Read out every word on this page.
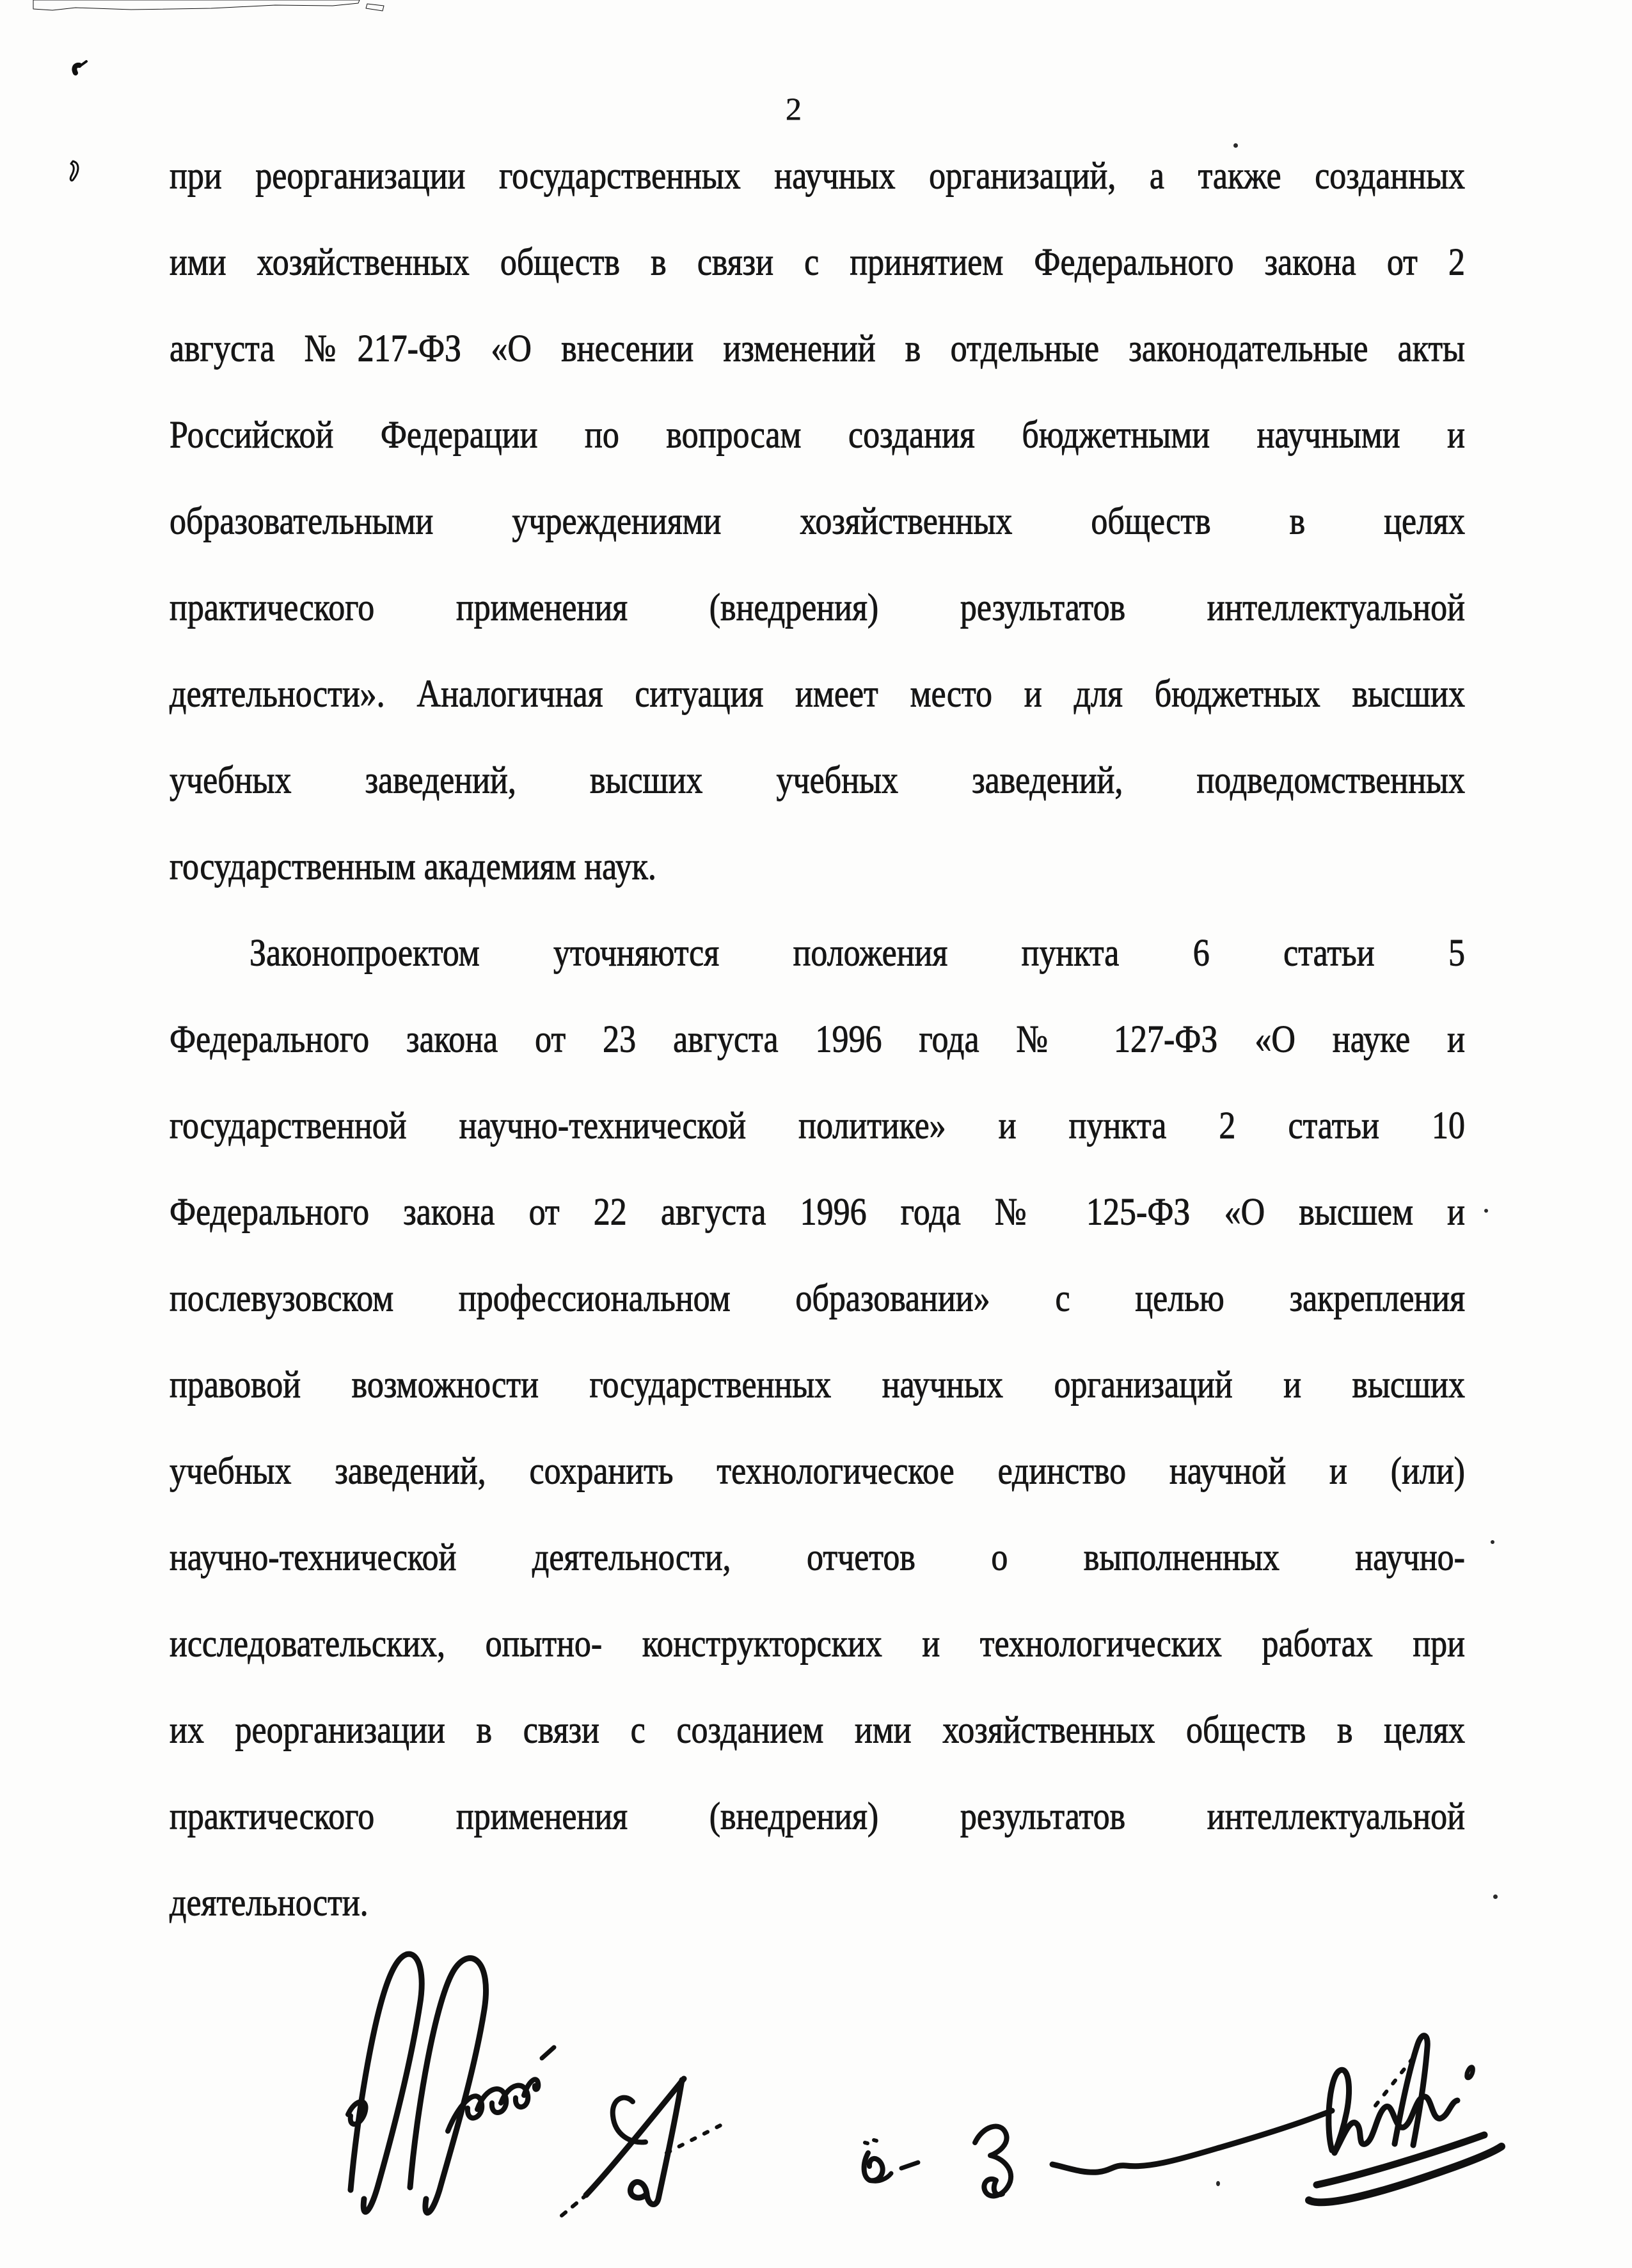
2
при реорганизации государственных научных организаций, а также созданных
ими хозяйственных обществ в связи с принятием Федерального закона от 2
августа №217-ФЗ «О внесении изменений в отдельные законодательные акты
Российской Федерации по вопросам создания бюджетными научными и
образовательными учреждениями хозяйственных обществ в целях
практического применения (внедрения) результатов интеллектуальной
деятельности». Аналогичная ситуация имеет место и для бюджетных высших
учебных заведений, высших учебных заведений, подведомственных
государственным академиям наук.
Законопроектом уточняются положения пункта 6 статьи 5
Федерального закона от 23 августа 1996 года № 127-ФЗ «О науке и
государственной научно-технической политике» и пункта 2 статьи 10
Федерального закона от 22 августа 1996 года № 125-ФЗ «О высшем и
послевузовском профессиональном образовании» с целью закрепления
правовой возможности государственных научных организаций и высших
учебных заведений, сохранить технологическое единство научной и (или)
научно-технической деятельности, отчетов о выполненных научно-
исследовательских, опытно- конструкторских и технологических работах при
их реорганизации в связи с созданием ими хозяйственных обществ в целях
практического применения (внедрения) результатов интеллектуальной
деятельности.
